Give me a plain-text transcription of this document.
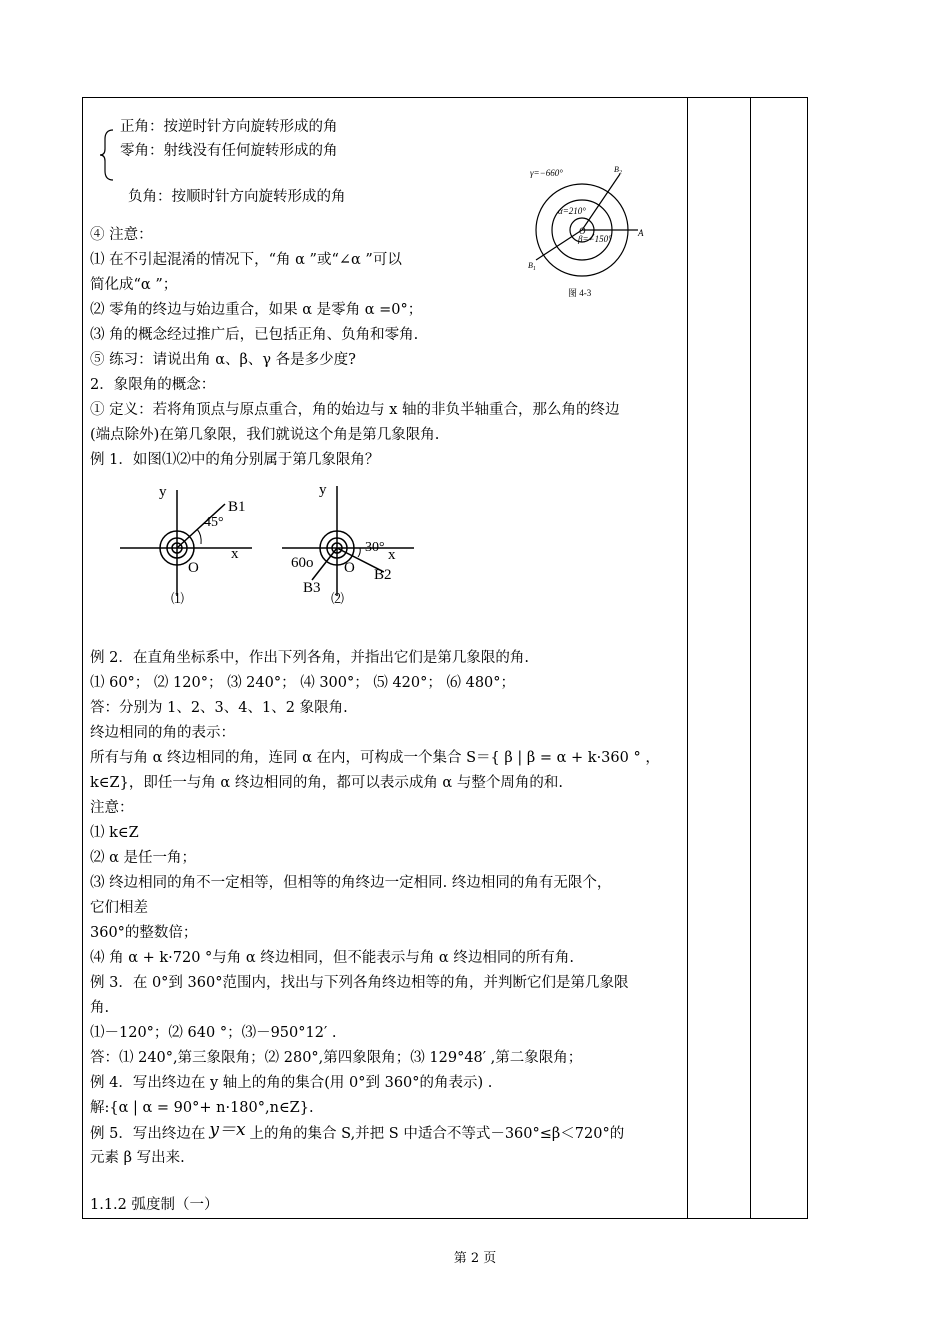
正角：按逆时针方向旋转形成的角
零角：射线没有任何旋转形成的角
负角：按顺时针方向旋转形成的角
④ 注意：
⑴ 在不引起混淆的情况下，“角 α ”或“∠α ”可以
简化成“α ”；
⑵ 零角的终边与始边重合，如果 α 是零角 α =0°；
⑶ 角的概念经过推广后，已包括正角、负角和零角.
⑤ 练习：请说出角 α、β、γ 各是多少度?
2．象限角的概念：
① 定义：若将角顶点与原点重合，角的始边与 x 轴的非负半轴重合，那么角的终边
(端点除外)在第几象限，我们就说这个角是第几象限角.
例 1．如图⑴⑵中的角分别属于第几象限角？
γ=−660°
α=210°
β=−150°
O	A
$B_2$
$B_1$
图 4-3
y
x
O
B1
45°
⑴
y
x
O
30°
60o
B2
B3
⑵
例 2．在直角坐标系中，作出下列各角，并指出它们是第几象限的角.
⑴ 60°； ⑵ 120°； ⑶ 240°； ⑷ 300°； ⑸ 420°； ⑹ 480°；
答：分别为 1、2、3、4、1、2 象限角.
终边相同的角的表示：
所有与角 α 终边相同的角，连同 α 在内，可构成一个集合 S＝{ β | β = α + k·360 ° ，
k∈Z}，即任一与角 α 终边相同的角，都可以表示成角 α 与整个周角的和.
注意：
⑴ k∈Z
⑵ α 是任一角；
⑶ 终边相同的角不一定相等，但相等的角终边一定相同. 终边相同的角有无限个，
它们相差
360°的整数倍；
⑷ 角 α + k·720 °与角 α 终边相同，但不能表示与角 α 终边相同的所有角.
例 3．在 0°到 360°范围内，找出与下列各角终边相等的角，并判断它们是第几象限
角.
⑴－120°；⑵ 640 °；⑶－950°12′ .
答：⑴ 240°,第三象限角；⑵ 280°,第四象限角；⑶ 129°48′ ,第二象限角；
例 4．写出终边在 y 轴上的角的集合(用 0°到 360°的角表示) .
解:{α | α = 90°+ n·180°,n∈Z}.
例 5．写出终边在 y＝x 上的角的集合 S,并把 S 中适合不等式－360°≤β＜720°的
元素 β 写出来.
1.1.2 弧度制（一）
第 2 页
